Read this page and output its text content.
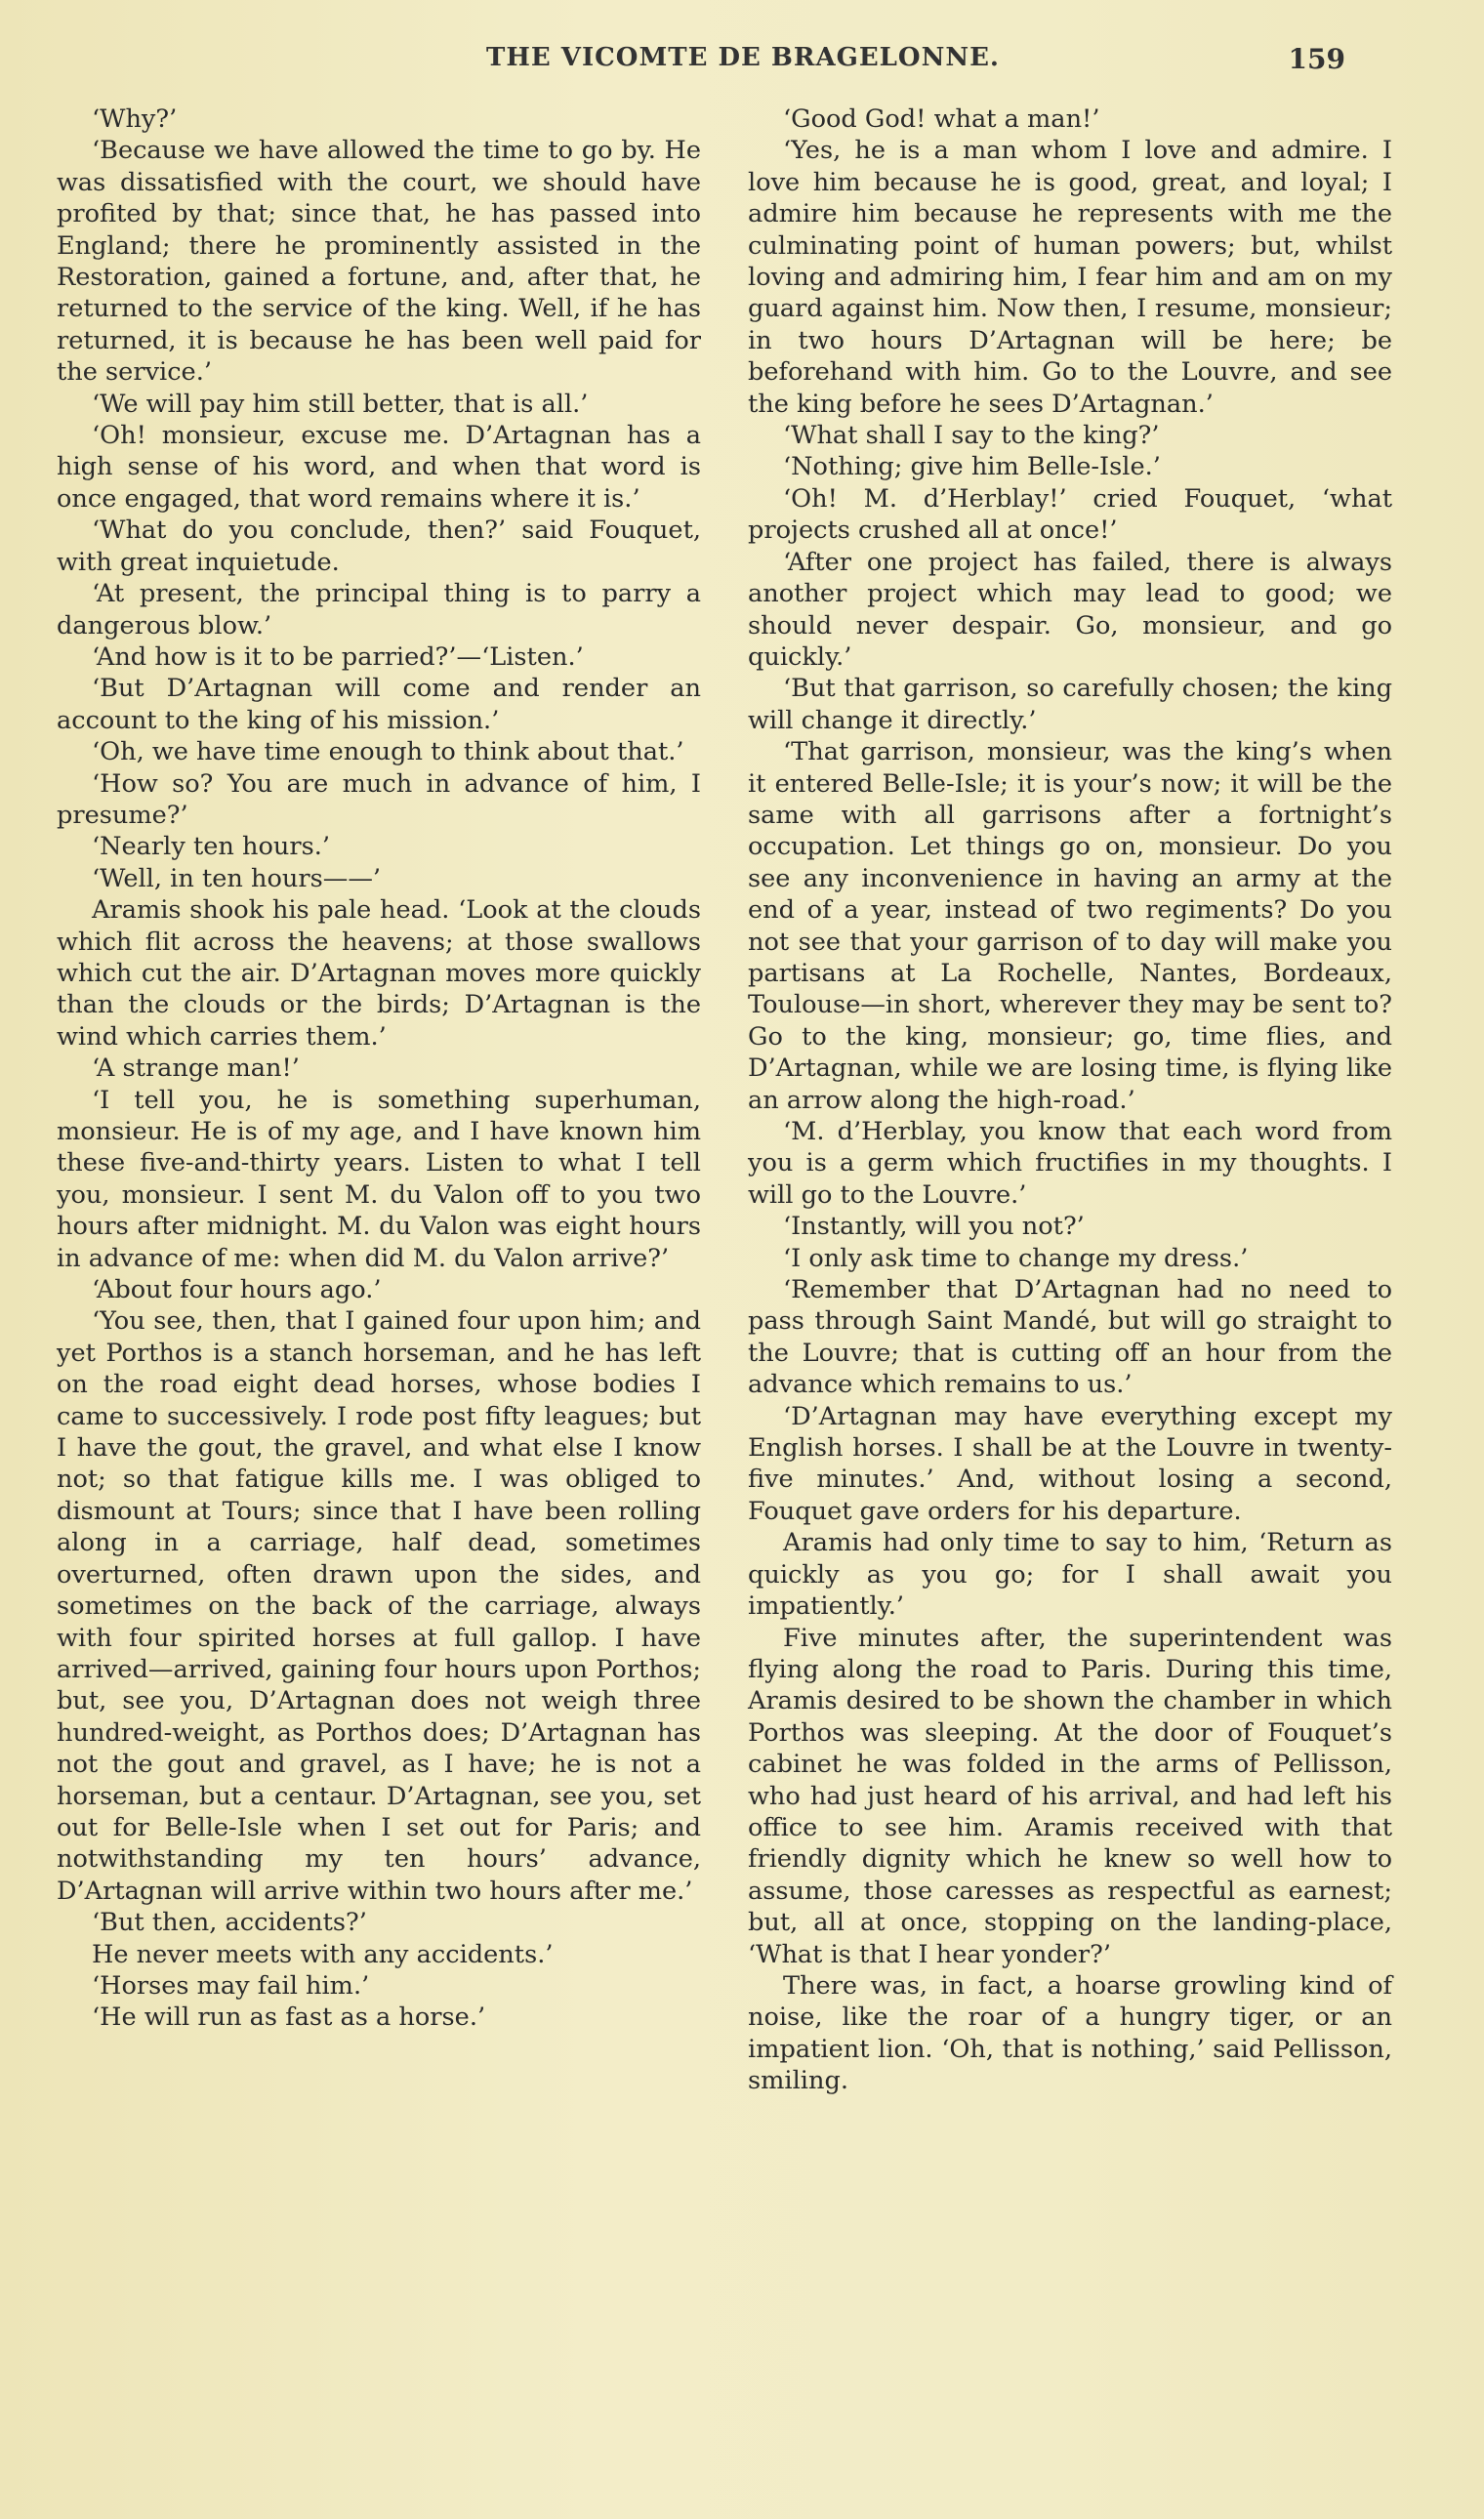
THE VICOMTE DE BRAGELONNE.	159

‘Why?’

‘Because we have allowed the time to go by. He was dissatisfied with the court, we should have profited by that; since that, he has passed into England; there he prominently assisted in the Restoration, gained a fortune, and, after that, he returned to the service of the king. Well, if he has returned, it is because he has been well paid for the service.’

‘We will pay him still better, that is all.’

‘Oh! monsieur, excuse me. D’Artagnan has a high sense of his word, and when that word is once engaged, that word remains where it is.’

‘What do you conclude, then?’ said Fouquet, with great inquietude.

‘At present, the principal thing is to parry a dangerous blow.’

‘And how is it to be parried?’—‘Listen.’

‘But D’Artagnan will come and render an account to the king of his mission.’

‘Oh, we have time enough to think about that.’

‘How so? You are much in advance of him, I presume?’

‘Nearly ten hours.’

‘Well, in ten hours——’

Aramis shook his pale head. ‘Look at the clouds which flit across the heavens; at those swallows which cut the air. D’Artagnan moves more quickly than the clouds or the birds; D’Artagnan is the wind which carries them.’

‘A strange man!’

‘I tell you, he is something superhuman, monsieur. He is of my age, and I have known him these five-and-thirty years. Listen to what I tell you, monsieur. I sent M. du Valon off to you two hours after midnight. M. du Valon was eight hours in advance of me: when did M. du Valon arrive?’

‘About four hours ago.’

‘You see, then, that I gained four upon him; and yet Porthos is a stanch horseman, and he has left on the road eight dead horses, whose bodies I came to successively. I rode post fifty leagues; but I have the gout, the gravel, and what else I know not; so that fatigue kills me. I was obliged to dismount at Tours; since that I have been rolling along in a carriage, half dead, sometimes overturned, often drawn upon the sides, and sometimes on the back of the carriage, always with four spirited horses at full gallop. I have arrived—arrived, gaining four hours upon Porthos; but, see you, D’Artagnan does not weigh three hundred-weight, as Porthos does; D’Artagnan has not the gout and gravel, as I have; he is not a horseman, but a centaur. D’Artagnan, see you, set out for Belle-Isle when I set out for Paris; and notwithstanding my ten hours’ advance, D’Artagnan will arrive within two hours after me.’

‘But then, accidents?’

He never meets with any accidents.’

‘Horses may fail him.’

‘He will run as fast as a horse.’

‘Good God! what a man!’

‘Yes, he is a man whom I love and admire. I love him because he is good, great, and loyal; I admire him because he represents with me the culminating point of human powers; but, whilst loving and admiring him, I fear him and am on my guard against him. Now then, I resume, monsieur; in two hours D’Artagnan will be here; be beforehand with him. Go to the Louvre, and see the king before he sees D’Artagnan.’

‘What shall I say to the king?’

‘Nothing; give him Belle-Isle.’

‘Oh! M. d’Herblay!’ cried Fouquet, ‘what projects crushed all at once!’

‘After one project has failed, there is always another project which may lead to good; we should never despair. Go, monsieur, and go quickly.’

‘But that garrison, so carefully chosen; the king will change it directly.’

‘That garrison, monsieur, was the king’s when it entered Belle-Isle; it is your’s now; it will be the same with all garrisons after a fortnight’s occupation. Let things go on, monsieur. Do you see any inconvenience in having an army at the end of a year, instead of two regiments? Do you not see that your garrison of to day will make you partisans at La Rochelle, Nantes, Bordeaux, Toulouse—in short, wherever they may be sent to? Go to the king, monsieur; go, time flies, and D’Artagnan, while we are losing time, is flying like an arrow along the high-road.’

‘M. d’Herblay, you know that each word from you is a germ which fructifies in my thoughts. I will go to the Louvre.’

‘Instantly, will you not?’

‘I only ask time to change my dress.’

‘Remember that D’Artagnan had no need to pass through Saint Mandé, but will go straight to the Louvre; that is cutting off an hour from the advance which remains to us.’

‘D’Artagnan may have everything except my English horses. I shall be at the Louvre in twenty-five minutes.’ And, without losing a second, Fouquet gave orders for his departure.

Aramis had only time to say to him, ‘Return as quickly as you go; for I shall await you impatiently.’

Five minutes after, the superintendent was flying along the road to Paris. During this time, Aramis desired to be shown the chamber in which Porthos was sleeping. At the door of Fouquet’s cabinet he was folded in the arms of Pellisson, who had just heard of his arrival, and had left his office to see him. Aramis received with that friendly dignity which he knew so well how to assume, those caresses as respectful as earnest; but, all at once, stopping on the landing-place, ‘What is that I hear yonder?’

There was, in fact, a hoarse growling kind of noise, like the roar of a hungry tiger, or an impatient lion. ‘Oh, that is nothing,’ said Pellisson, smiling.
